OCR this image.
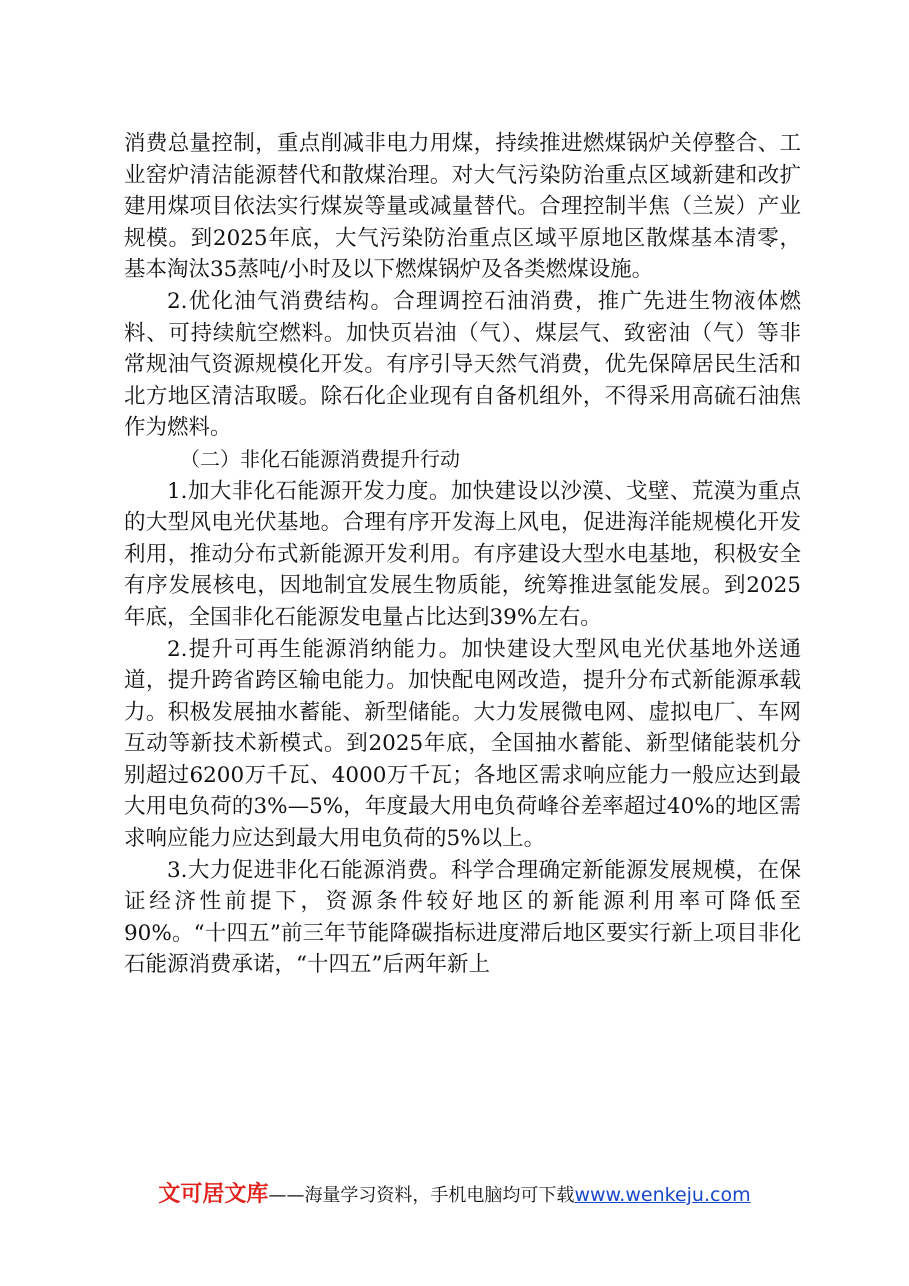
消费总量控制，重点削减非电力用煤，持续推进燃煤锅炉关停整合、工业窑炉清洁能源替代和散煤治理。对大气污染防治重点区域新建和改扩建用煤项目依法实行煤炭等量或减量替代。合理控制半焦（兰炭）产业规模。到2025年底，大气污染防治重点区域平原地区散煤基本清零，基本淘汰35蒸吨/小时及以下燃煤锅炉及各类燃煤设施。

2.优化油气消费结构。合理调控石油消费，推广先进生物液体燃料、可持续航空燃料。加快页岩油（气）、煤层气、致密油（气）等非常规油气资源规模化开发。有序引导天然气消费，优先保障居民生活和北方地区清洁取暖。除石化企业现有自备机组外，不得采用高硫石油焦作为燃料。

（二）非化石能源消费提升行动

1.加大非化石能源开发力度。加快建设以沙漠、戈壁、荒漠为重点的大型风电光伏基地。合理有序开发海上风电，促进海洋能规模化开发利用，推动分布式新能源开发利用。有序建设大型水电基地，积极安全有序发展核电，因地制宜发展生物质能，统筹推进氢能发展。到2025年底，全国非化石能源发电量占比达到39%左右。

2.提升可再生能源消纳能力。加快建设大型风电光伏基地外送通道，提升跨省跨区输电能力。加快配电网改造，提升分布式新能源承载力。积极发展抽水蓄能、新型储能。大力发展微电网、虚拟电厂、车网互动等新技术新模式。到2025年底，全国抽水蓄能、新型储能装机分别超过6200万千瓦、4000万千瓦；各地区需求响应能力一般应达到最大用电负荷的3%—5%，年度最大用电负荷峰谷差率超过40%的地区需求响应能力应达到最大用电负荷的5%以上。

3.大力促进非化石能源消费。科学合理确定新能源发展规模，在保证经济性前提下，资源条件较好地区的新能源利用率可降低至90%。“十四五”前三年节能降碳指标进度滞后地区要实行新上项目非化石能源消费承诺，“十四五”后两年新上

文可居文库——海量学习资料，手机电脑均可下载www.wenkeju.com
